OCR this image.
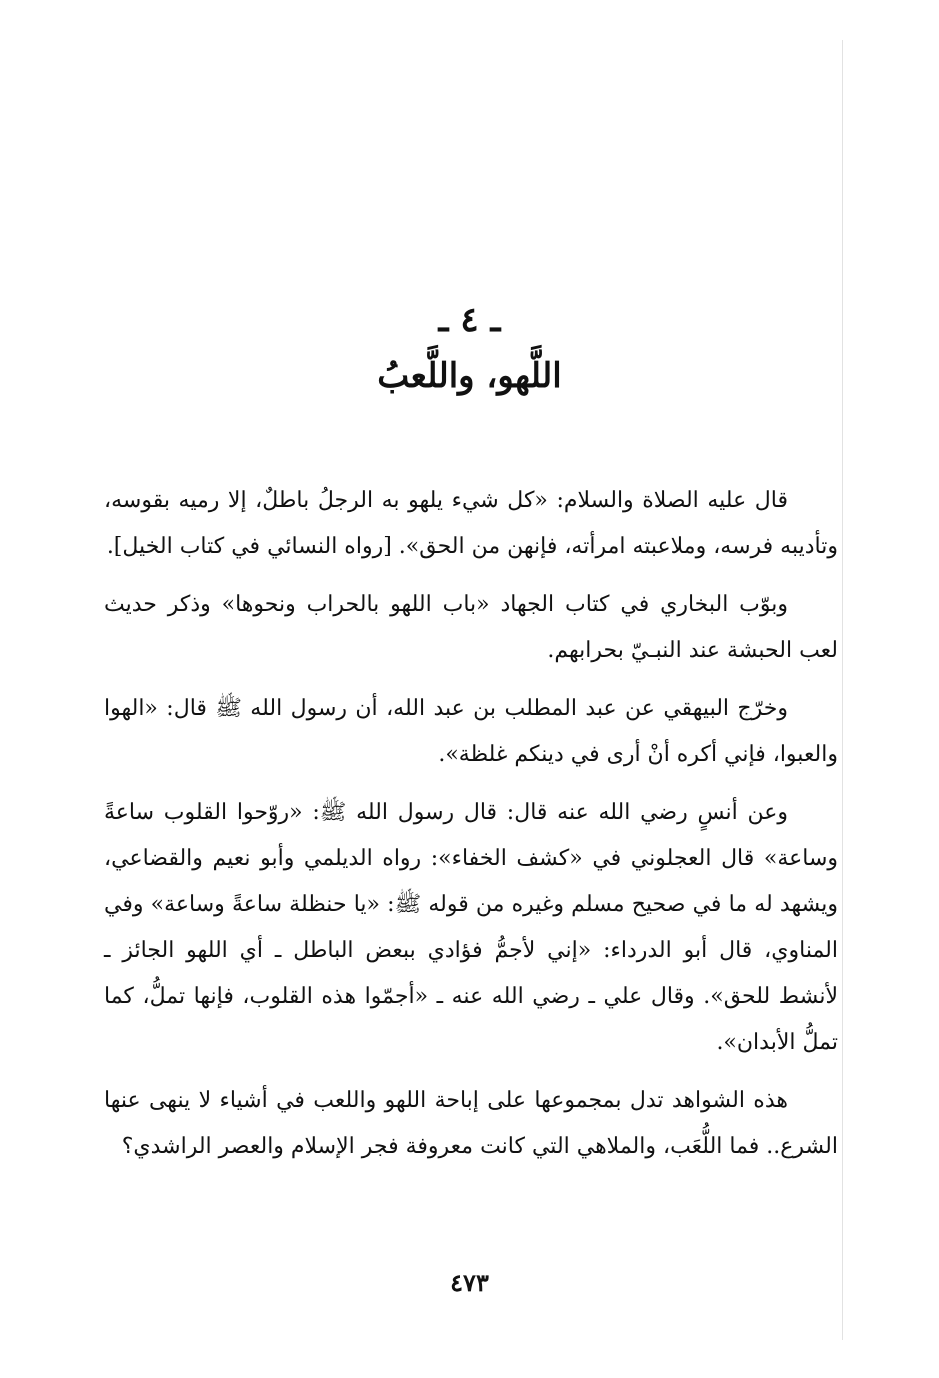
ـ ٤ ـ
اللَّهو، واللَّعبُ

قال عليه الصلاة والسلام: «كل شيء يلهو به الرجلُ باطلٌ، إلا رميه بقوسه، وتأديبه فرسه، وملاعبته امرأته، فإنهن من الحق». [رواه النسائي في كتاب الخيل].

وبوّب البخاري في كتاب الجهاد «باب اللهو بالحراب ونحوها» وذكر حديث لعب الحبشة عند النبـيّ بحرابهم.

وخرّج البيهقي عن عبد المطلب بن عبد الله، أن رسول الله ﷺ قال: «الهوا والعبوا، فإني أكره أنْ أرى في دينكم غلظة».

وعن أنسٍ رضي الله عنه قال: قال رسول الله ﷺ: «روّحوا القلوب ساعةً وساعة» قال العجلوني في «كشف الخفاء»: رواه الديلمي وأبو نعيم والقضاعي، ويشهد له ما في صحيح مسلم وغيره من قوله ﷺ: «يا حنظلة ساعةً وساعة» وفي المناوي، قال أبو الدرداء: «إني لأجمُّ فؤادي ببعض الباطل ـ أي اللهو الجائز ـ لأنشط للحق». وقال علي ـ رضي الله عنه ـ «أجمّوا هذه القلوب، فإنها تملُّ، كما تملُّ الأبدان».

هذه الشواهد تدل بمجموعها على إباحة اللهو واللعب في أشياء لا ينهى عنها الشرع.. فما اللُّعَب، والملاهي التي كانت معروفة فجر الإسلام والعصر الراشدي؟

٤٧٣
